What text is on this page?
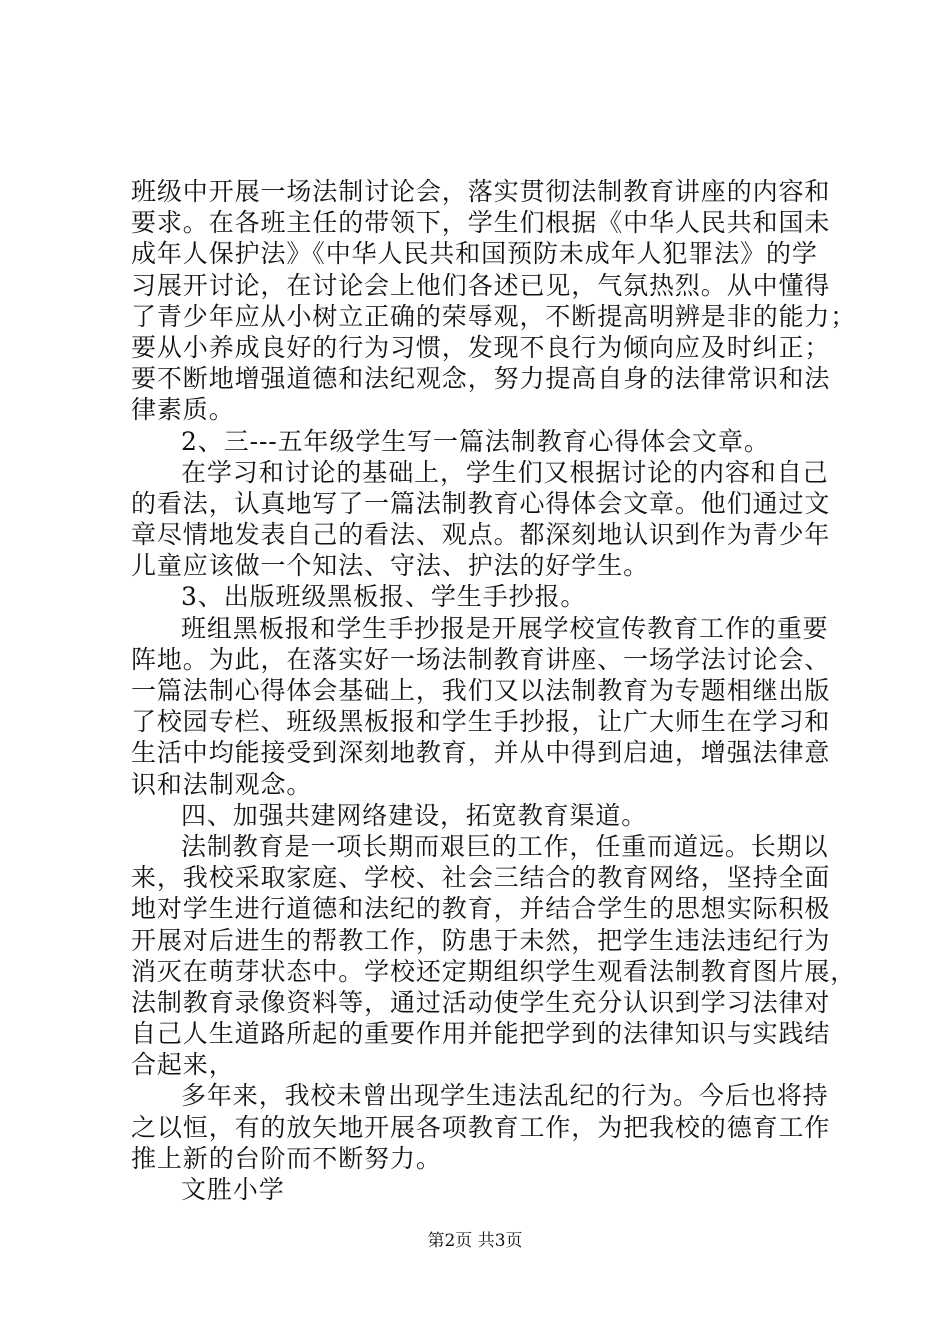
班级中开展一场法制讨论会，落实贯彻法制教育讲座的内容和
要求。在各班主任的带领下，学生们根据《中华人民共和国未
成年人保护法》《中华人民共和国预防未成年人犯罪法》的学
习展开讨论，在讨论会上他们各述已见，气氛热烈。从中懂得
了青少年应从小树立正确的荣辱观，不断提高明辨是非的能力；
要从小养成良好的行为习惯，发现不良行为倾向应及时纠正；
要不断地增强道德和法纪观念，努力提高自身的法律常识和法
律素质。
2、三---五年级学生写一篇法制教育心得体会文章。
在学习和讨论的基础上，学生们又根据讨论的内容和自己
的看法，认真地写了一篇法制教育心得体会文章。他们通过文
章尽情地发表自己的看法、观点。都深刻地认识到作为青少年
儿童应该做一个知法、守法、护法的好学生。
3、出版班级黑板报、学生手抄报。
班组黑板报和学生手抄报是开展学校宣传教育工作的重要
阵地。为此，在落实好一场法制教育讲座、一场学法讨论会、
一篇法制心得体会基础上，我们又以法制教育为专题相继出版
了校园专栏、班级黑板报和学生手抄报，让广大师生在学习和
生活中均能接受到深刻地教育，并从中得到启迪，增强法律意
识和法制观念。
四、加强共建网络建设，拓宽教育渠道。
法制教育是一项长期而艰巨的工作，任重而道远。长期以
来，我校采取家庭、学校、社会三结合的教育网络，坚持全面
地对学生进行道德和法纪的教育，并结合学生的思想实际积极
开展对后进生的帮教工作，防患于未然，把学生违法违纪行为
消灭在萌芽状态中。学校还定期组织学生观看法制教育图片展，
法制教育录像资料等，通过活动使学生充分认识到学习法律对
自己人生道路所起的重要作用并能把学到的法律知识与实践结
合起来，
多年来，我校未曾出现学生违法乱纪的行为。今后也将持
之以恒，有的放矢地开展各项教育工作，为把我校的德育工作
推上新的台阶而不断努力。
文胜小学
第2页 共3页
